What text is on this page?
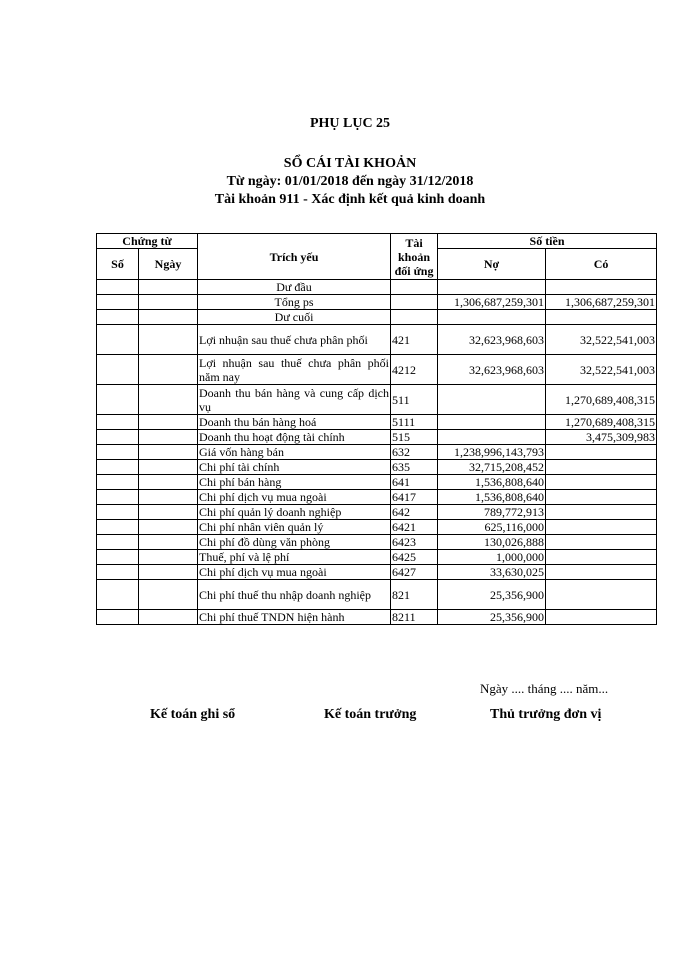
PHỤ LỤC 25
SỔ CÁI TÀI KHOẢN
Từ ngày: 01/01/2018 đến ngày 31/12/2018
Tài khoản 911 - Xác định kết quả kinh doanh
Chứng từ		Trích yếu	Tài khoản đối ứng	Số tiền	
Số	Ngày			Nợ	Có
		Dư đầu			
		Tổng ps		1,306,687,259,301	1,306,687,259,301
		Dư cuối			
		Lợi nhuận sau thuế chưa phân phối	421	32,623,968,603	32,522,541,003
		Lợi nhuận sau thuế chưa phân phối năm nay	4212	32,623,968,603	32,522,541,003
		Doanh thu bán hàng và cung cấp dịch vụ	511		1,270,689,408,315
		Doanh thu bán hàng hoá	5111		1,270,689,408,315
		Doanh thu hoạt động tài chính	515		3,475,309,983
		Giá vốn hàng bán	632	1,238,996,143,793	
		Chi phí tài chính	635	32,715,208,452	
		Chi phí bán hàng	641	1,536,808,640	
		Chi phí dịch vụ mua ngoài	6417	1,536,808,640	
		Chi phí quản lý doanh nghiệp	642	789,772,913	
		Chi phí nhân viên quản lý	6421	625,116,000	
		Chi phí đồ dùng văn phòng	6423	130,026,888	
		Thuế, phí và lệ phí	6425	1,000,000	
		Chi phí dịch vụ mua ngoài	6427	33,630,025	
		Chi phí thuế thu nhập doanh nghiệp	821	25,356,900	
		Chi phí thuế TNDN hiện hành	8211	25,356,900	
Ngày .... tháng .... năm...
Kế toán ghi sổ	Kế toán trưởng	Thủ trưởng đơn vị
